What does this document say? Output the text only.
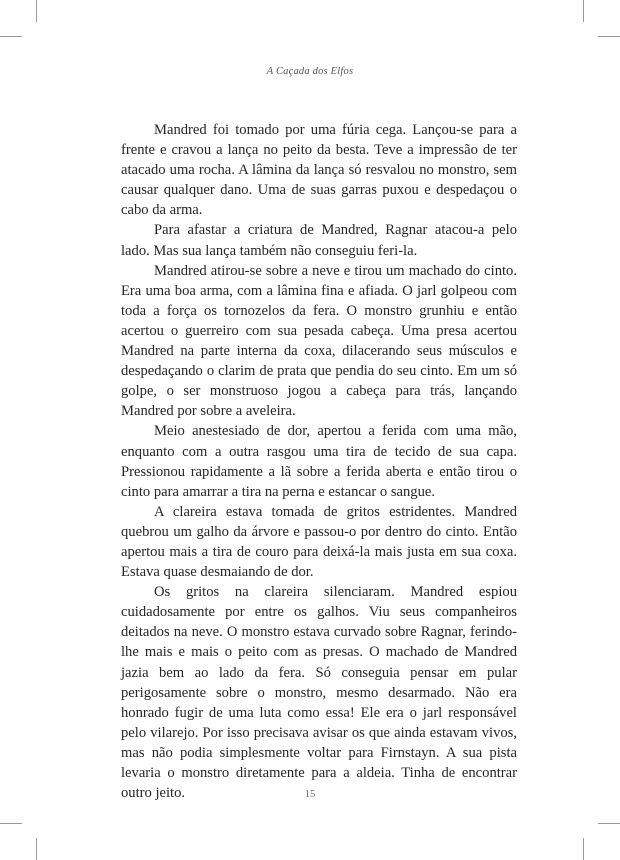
A Caçada dos Elfos

Mandred foi tomado por uma fúria cega. Lançou-se para a frente e cravou a lança no peito da besta. Teve a impressão de ter atacado uma rocha. A lâmina da lança só resvalou no monstro, sem causar qualquer dano. Uma de suas garras puxou e despedaçou o cabo da arma.

Para afastar a criatura de Mandred, Ragnar atacou-a pelo lado. Mas sua lança também não conseguiu feri-la.

Mandred atirou-se sobre a neve e tirou um machado do cinto. Era uma boa arma, com a lâmina fina e afiada. O jarl golpeou com toda a força os tornozelos da fera. O monstro grunhiu e então acertou o guerreiro com sua pesada cabeça. Uma presa acertou Mandred na parte interna da coxa, dilacerando seus músculos e despedaçando o clarim de prata que pendia do seu cinto. Em um só golpe, o ser monstruoso jogou a cabeça para trás, lançando Mandred por sobre a aveleira.

Meio anestesiado de dor, apertou a ferida com uma mão, enquanto com a outra rasgou uma tira de tecido de sua capa. Pressionou rapidamente a lã sobre a ferida aberta e então tirou o cinto para amarrar a tira na perna e estancar o sangue.

A clareira estava tomada de gritos estridentes. Mandred quebrou um galho da árvore e passou-o por dentro do cinto. Então apertou mais a tira de couro para deixá-la mais justa em sua coxa. Estava quase desmaiando de dor.

Os gritos na clareira silenciaram. Mandred espiou cuidadosamente por entre os galhos. Viu seus companheiros deitados na neve. O monstro estava curvado sobre Ragnar, ferindo-lhe mais e mais o peito com as presas. O machado de Mandred jazia bem ao lado da fera. Só conseguia pensar em pular perigosamente sobre o monstro, mesmo desarmado. Não era honrado fugir de uma luta como essa! Ele era o jarl responsável pelo vilarejo. Por isso precisava avisar os que ainda estavam vivos, mas não podia simplesmente voltar para Firnstayn. A sua pista levaria o monstro diretamente para a aldeia. Tinha de encontrar outro jeito.	15
